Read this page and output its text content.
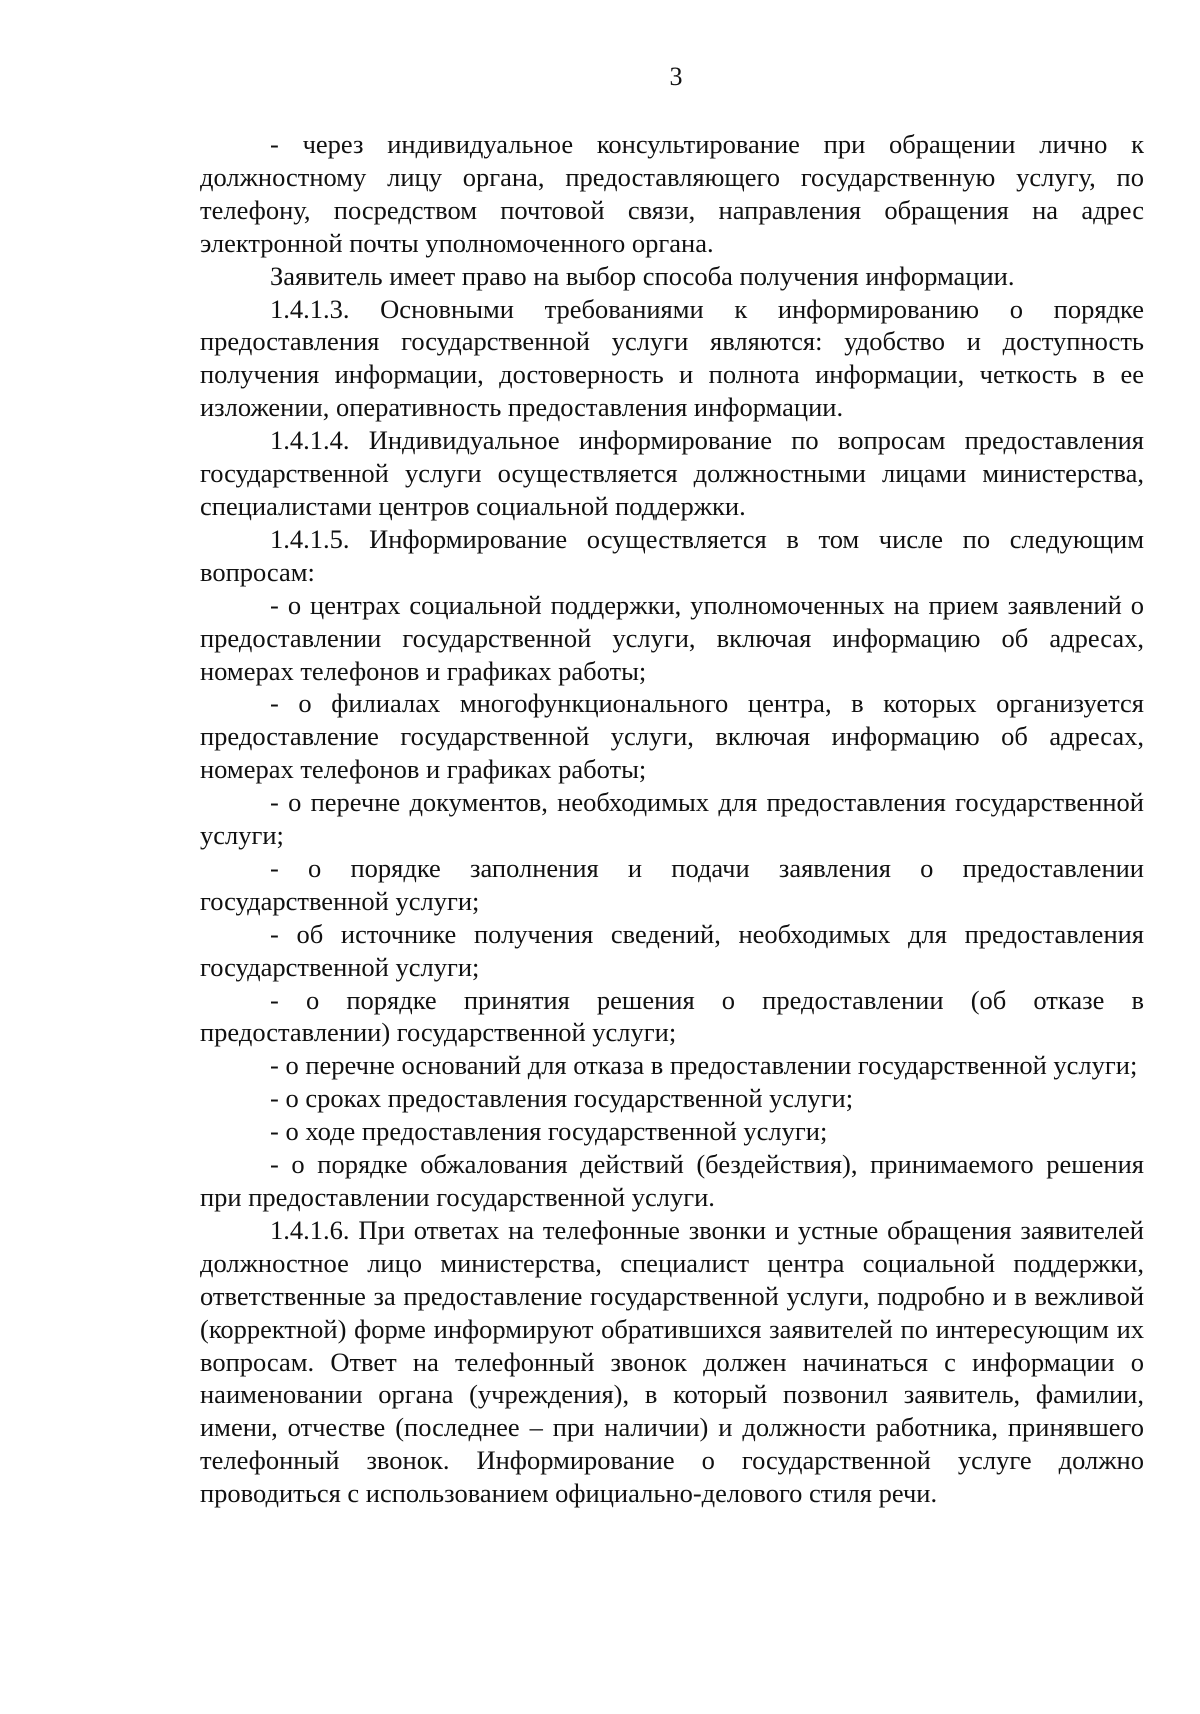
3

- через индивидуальное консультирование при обращении лично к должностному лицу органа, предоставляющего государственную услугу, по телефону, посредством почтовой связи, направления обращения на адрес электронной почты уполномоченного органа.

Заявитель имеет право на выбор способа получения информации.

1.4.1.3. Основными требованиями к информированию о порядке предоставления государственной услуги являются: удобство и доступность получения информации, достоверность и полнота информации, четкость в ее изложении, оперативность предоставления информации.

1.4.1.4. Индивидуальное информирование по вопросам предоставления государственной услуги осуществляется должностными лицами министерства, специалистами центров социальной поддержки.

1.4.1.5. Информирование осуществляется в том числе по следующим вопросам:

- о центрах социальной поддержки, уполномоченных на прием заявлений о предоставлении государственной услуги, включая информацию об адресах, номерах телефонов и графиках работы;

- о филиалах многофункционального центра, в которых организуется предоставление государственной услуги, включая информацию об адресах, номерах телефонов и графиках работы;

- о перечне документов, необходимых для предоставления государственной услуги;

- о порядке заполнения и подачи заявления о предоставлении государственной услуги;

- об источнике получения сведений, необходимых для предоставления государственной услуги;

- о порядке принятия решения о предоставлении (об отказе в предоставлении) государственной услуги;

- о перечне оснований для отказа в предоставлении государственной услуги;

- о сроках предоставления государственной услуги;

- о ходе предоставления государственной услуги;

- о порядке обжалования действий (бездействия), принимаемого решения при предоставлении государственной услуги.

1.4.1.6. При ответах на телефонные звонки и устные обращения заявителей должностное лицо министерства, специалист центра социальной поддержки, ответственные за предоставление государственной услуги, подробно и в вежливой (корректной) форме информируют обратившихся заявителей по интересующим их вопросам. Ответ на телефонный звонок должен начинаться с информации о наименовании органа (учреждения), в который позвонил заявитель, фамилии, имени, отчестве (последнее – при наличии) и должности работника, принявшего телефонный звонок. Информирование о государственной услуге должно проводиться с использованием официально-делового стиля речи.
